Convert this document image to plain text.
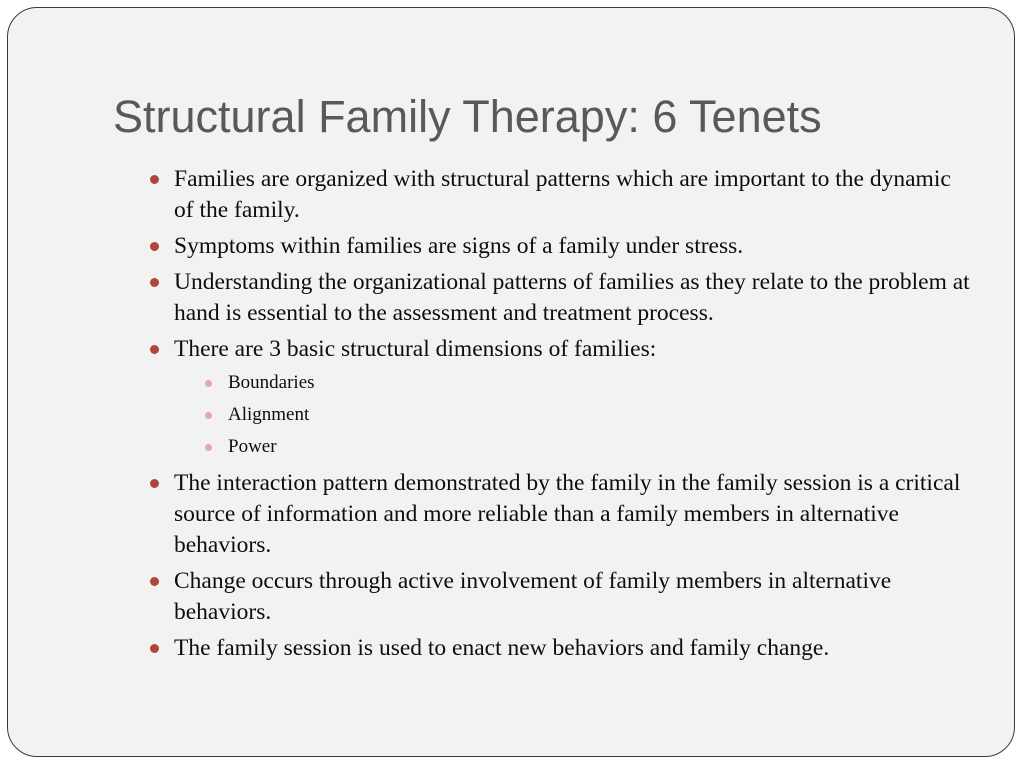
Structural Family Therapy: 6 Tenets
Families are organized with structural patterns which are important to the dynamic of the family.
Symptoms within families are signs of a family under stress.
Understanding the organizational patterns of families as they relate to the problem at hand is essential to the assessment and treatment process.
There are 3 basic structural dimensions of families:
Boundaries
Alignment
Power
The interaction pattern demonstrated by the family in the family session is a critical source of information and more reliable than a family members in alternative behaviors.
Change occurs through active involvement of family members in alternative behaviors.
The family session is used to enact new behaviors and family change.
